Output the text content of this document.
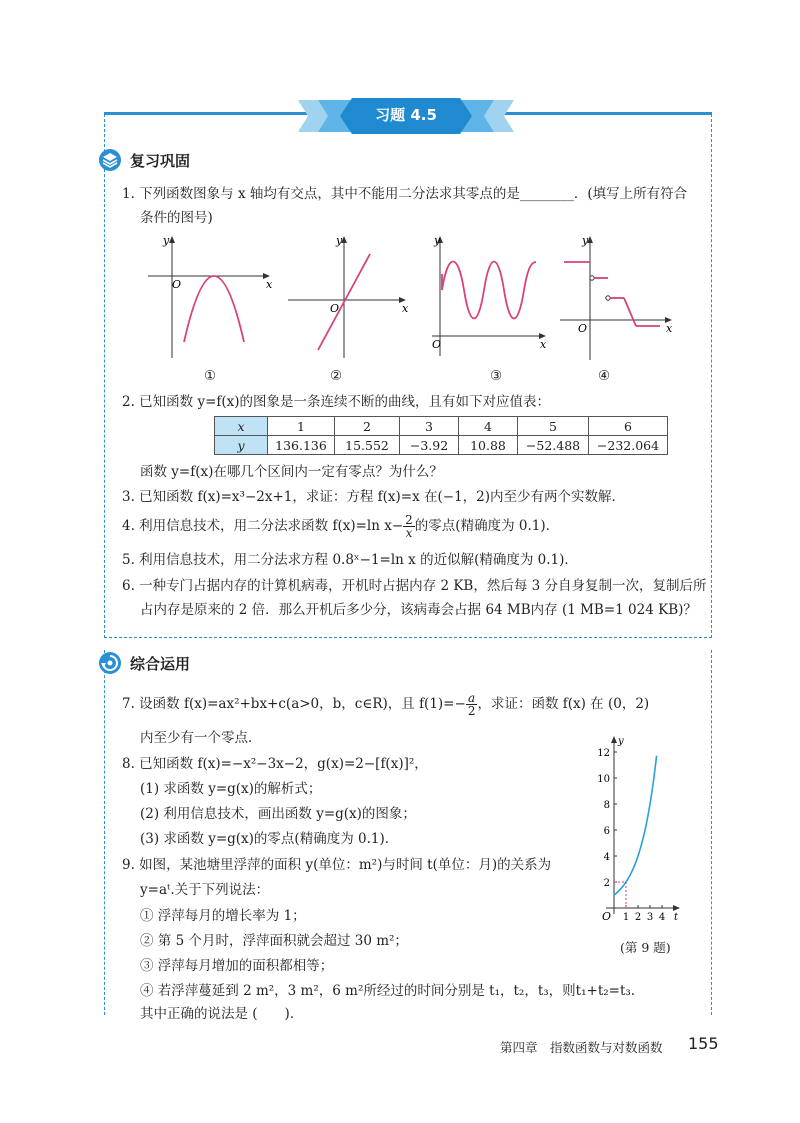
习题 4.5
复习巩固
1. 下列函数图象与 x 轴均有交点，其中不能用二分法求其零点的是________．(填写上所有符合
条件的图号)
y
x
O
①
y
x
O
②
y
x
O
③
y
x
O
④
2. 已知函数 y=f(x)的图象是一条连续不断的曲线，且有如下对应值表：
x	1	2	3	4	5	6
y	136.136	15.552	−3.92	10.88	−52.488	−232.064
函数 y=f(x)在哪几个区间内一定有零点？为什么？
3. 已知函数 f(x)=x³−2x+1，求证：方程 f(x)=x 在(−1，2)内至少有两个实数解．
4. 利用信息技术，用二分法求函数 f(x)=ln $x- \frac{2}{x}$ 的零点(精确度为 0.1)．
5. 利用信息技术，用二分法求方程 0.8ˣ−1=ln x 的近似解(精确度为 0.1)．
6. 一种专门占据内存的计算机病毒，开机时占据内存 2 KB，然后每 3 分自身复制一次，复制后所
占内存是原来的 2 倍．那么开机后多少分，该病毒会占据 64 MB内存 (1 MB=1 024 KB)？
综合运用
7. 设函数 f(x)=ax²+bx+c(a>0，b，c∈R)，且 $f(1)=- \frac{a}{2}$ ，求证：函数 f(x) 在 (0，2)
内至少有一个零点．
8. 已知函数 f(x)=−x²−3x−2，g(x)=2−[f(x)]²，
(1) 求函数 y=g(x)的解析式；
(2) 利用信息技术，画出函数 y=g(x)的图象；
(3) 求函数 y=g(x)的零点(精确度为 0.1)．
9. 如图，某池塘里浮萍的面积 y(单位：m²)与时间 t(单位：月)的关系为
y=aᵗ.关于下列说法：
① 浮萍每月的增长率为 1；
② 第 5 个月时，浮萍面积就会超过 30 m²；
③ 浮萍每月增加的面积都相等；
④ 若浮萍蔓延到 2 m²，3 m²，6 m²所经过的时间分别是 t₁，t₂，t₃，则t₁+t₂=t₃.
其中正确的说法是 (　　)．
y
t
O
2
4
6
8
10
12
1 2 3 4
(第 9 题)
第四章　指数函数与对数函数 155
